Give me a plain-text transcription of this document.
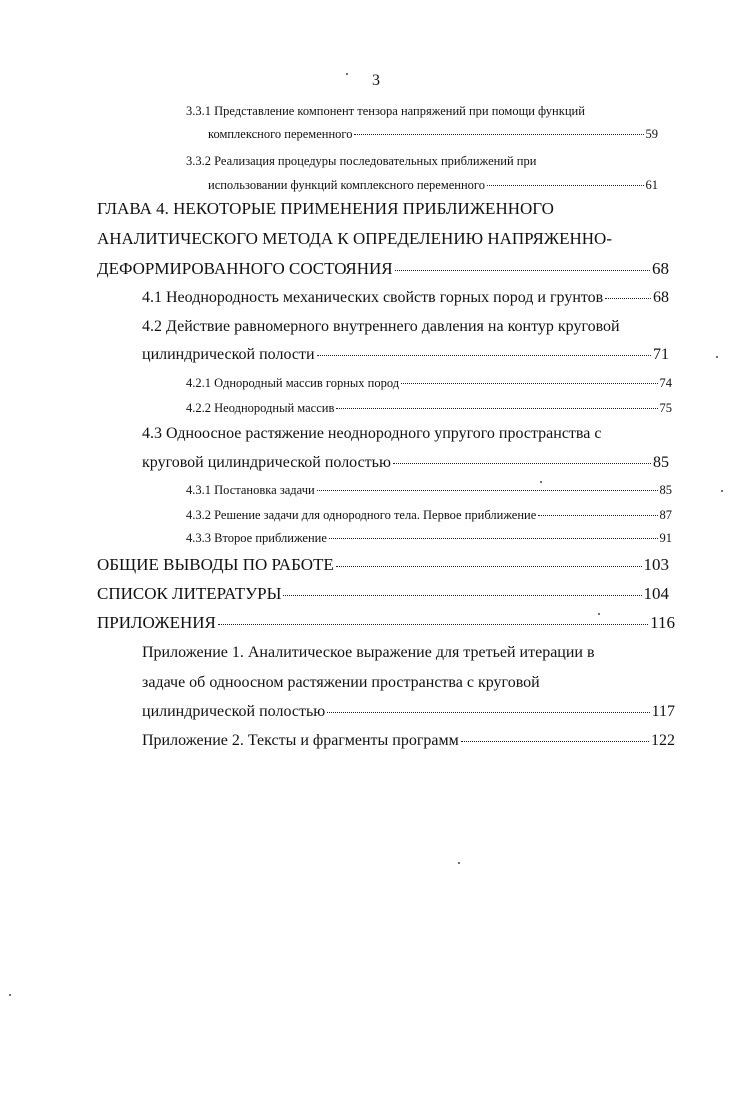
3
3.3.1 Представление компонент тензора напряжений при помощи функций
комплексного переменного	59
3.3.2 Реализация процедуры последовательных приближений при
использовании функций комплексного переменного	61
ГЛАВА 4. НЕКОТОРЫЕ ПРИМЕНЕНИЯ ПРИБЛИЖЕННОГО
АНАЛИТИЧЕСКОГО МЕТОДА К ОПРЕДЕЛЕНИЮ НАПРЯЖЕННО-
ДЕФОРМИРОВАННОГО СОСТОЯНИЯ	68
4.1 Неоднородность механических свойств горных пород и грунтов	68
4.2 Действие равномерного внутреннего давления на контур круговой
цилиндрической полости	71
4.2.1 Однородный массив горных пород	74
4.2.2 Неоднородный массив	75
4.3 Одноосное растяжение неоднородного упругого пространства с
круговой цилиндрической полостью	85
4.3.1 Постановка задачи	85
4.3.2 Решение задачи для однородного тела. Первое приближение	87
4.3.3 Второе приближение	91
ОБЩИЕ ВЫВОДЫ ПО РАБОТЕ	103
СПИСОК ЛИТЕРАТУРЫ	104
ПРИЛОЖЕНИЯ	116
Приложение 1. Аналитическое выражение для третьей итерации в
задаче об одноосном растяжении пространства с круговой
цилиндрической полостью	117
Приложение 2. Тексты и фрагменты программ	122
